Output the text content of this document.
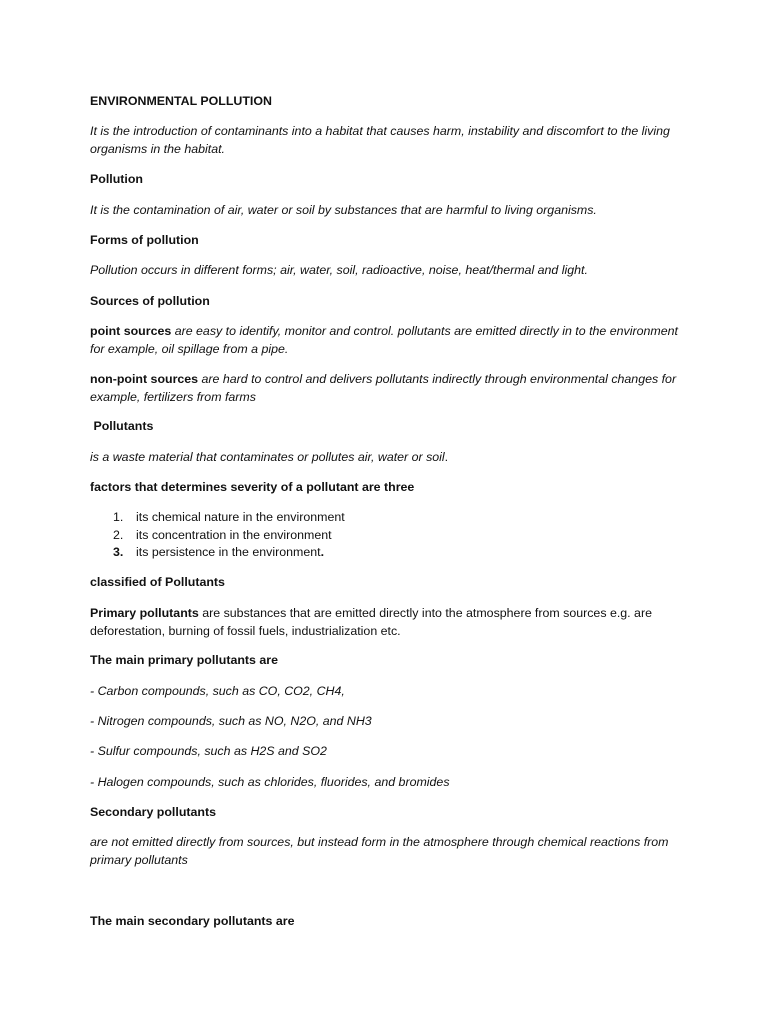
ENVIRONMENTAL POLLUTION

It is the introduction of contaminants into a habitat that causes harm, instability and discomfort to the living organisms in the habitat.

Pollution

It is the contamination of air, water or soil by substances that are harmful to living organisms.

Forms of pollution

Pollution occurs in different forms; air, water, soil, radioactive, noise, heat/thermal and light.

Sources of pollution

point sources are easy to identify, monitor and control. pollutants are emitted directly in to the environment for example, oil spillage from a pipe.

non-point sources are hard to control and delivers pollutants indirectly through environmental changes for example, fertilizers from farms

Pollutants

is a waste material that contaminates or pollutes air, water or soil.

factors that determines severity of a pollutant are three

1. its chemical nature in the environment
2. its concentration in the environment
3. its persistence in the environment.

classified of Pollutants

Primary pollutants are substances that are emitted directly into the atmosphere from sources e.g. are deforestation, burning of fossil fuels, industrialization etc.

The main primary pollutants are

- Carbon compounds, such as CO, CO2, CH4,

- Nitrogen compounds, such as NO, N2O, and NH3

- Sulfur compounds, such as H2S and SO2

- Halogen compounds, such as chlorides, fluorides, and bromides

Secondary pollutants

are not emitted directly from sources, but instead form in the atmosphere through chemical reactions from primary pollutants

The main secondary pollutants are
